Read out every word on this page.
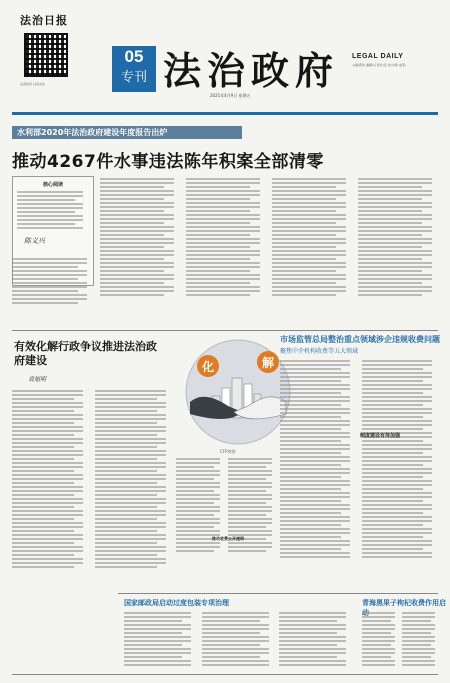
法治日报
法治政府 扫码关注
05
专刊 法治政府 LEGAL DAILY
主编/郭伟 编辑/马 版式/张 校对/黄 电话/
2021年4月9日 星期五
水利部2020年法治政府建设年度报告出炉
推动4267件水事违法陈年积案全部清零
核心阅读
陈义兴
有效化解行政争议推进法治政府建设
袁旭明
化	解
CFP供图
市场监管总局整治重点领域涉企违规收费问题
聚焦中介机构收费等五大领域
制度建设有待加强
推动收费公开透明
国家邮政局启动过度包装专项治理	青海黑果子枸杞收费作用启
